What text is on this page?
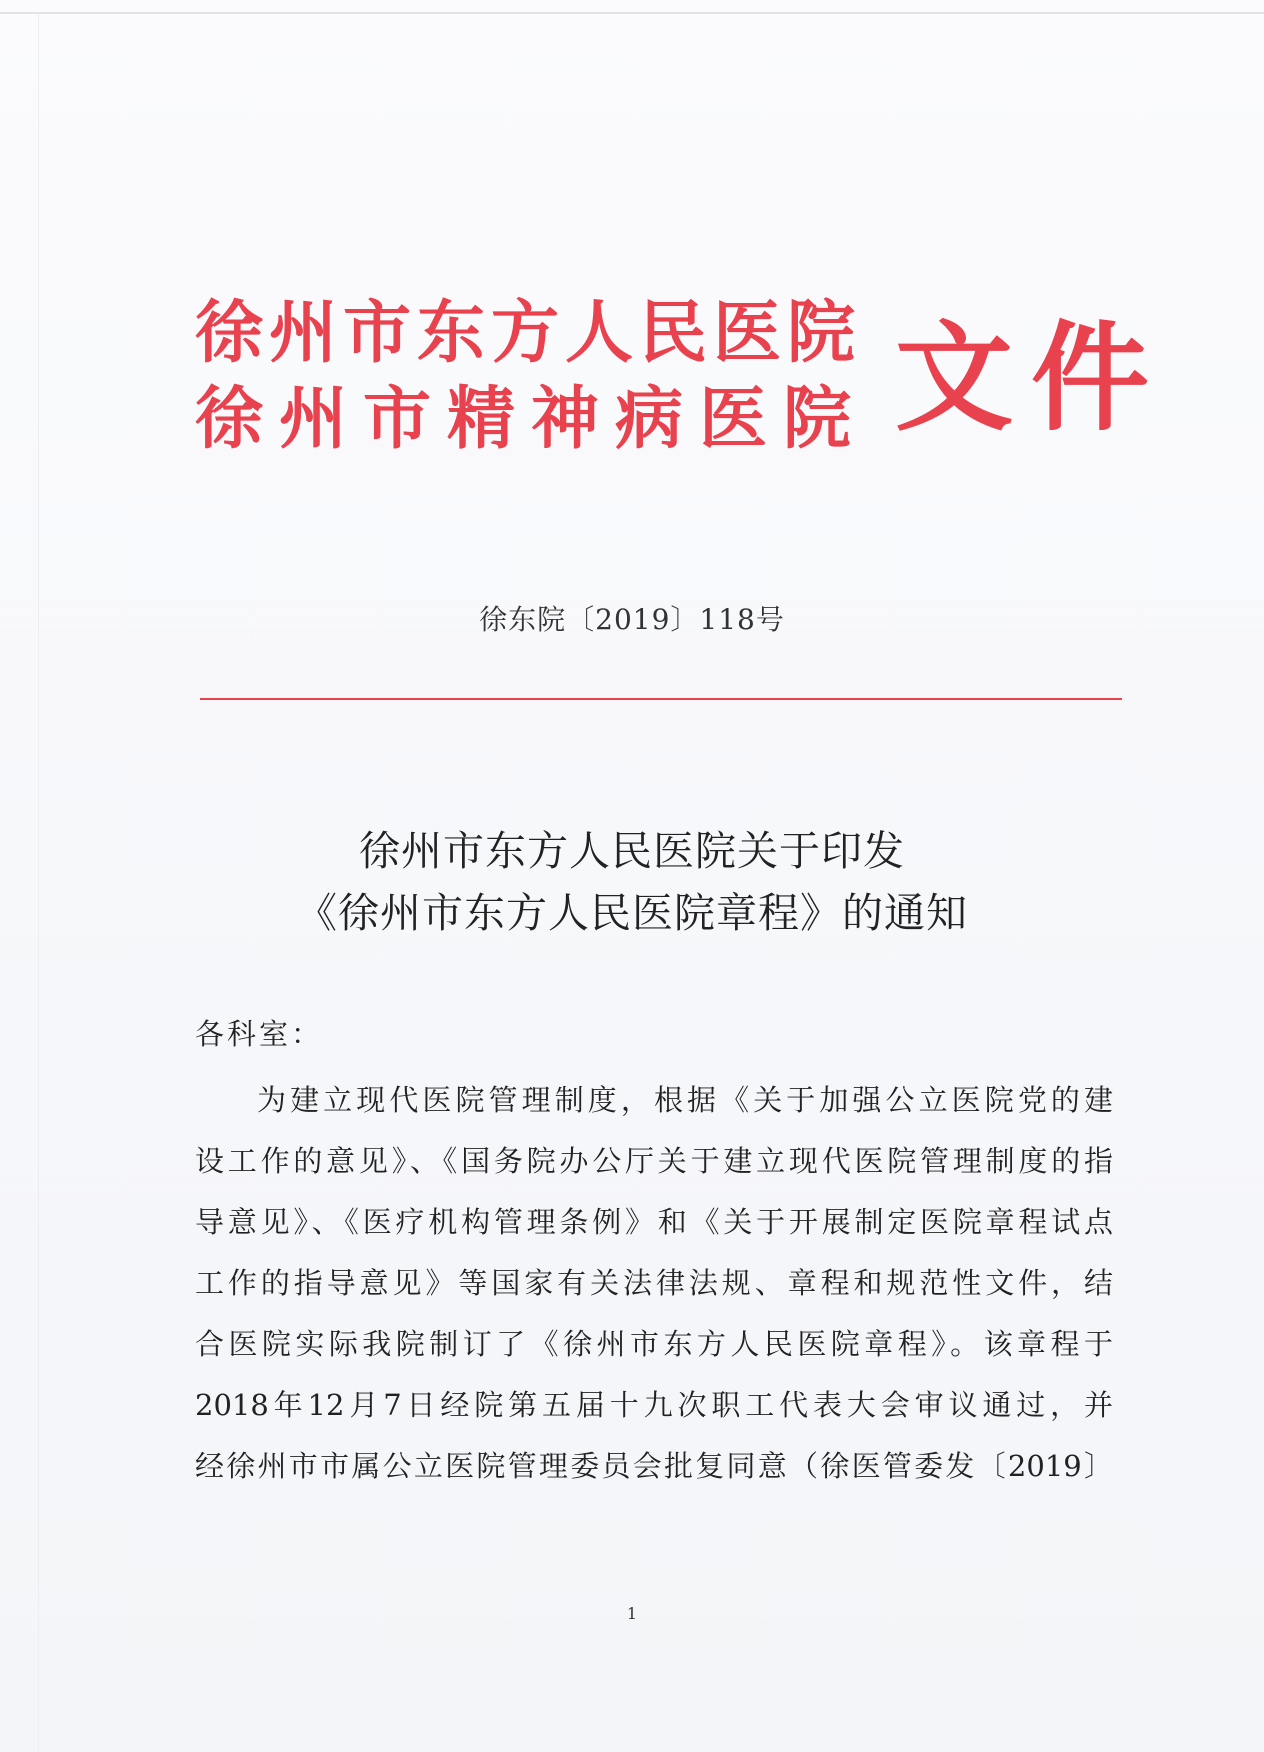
徐州市东方人民医院
徐州市精神病医院 文件
徐东院〔2019〕118号
徐州市东方人民医院关于印发
《徐州市东方人民医院章程》的通知
各科室：
为建立现代医院管理制度，根据《关于加强公立医院党的建
设工作的意见》、《国务院办公厅关于建立现代医院管理制度的指
导意见》、《医疗机构管理条例》和《关于开展制定医院章程试点
工作的指导意见》等国家有关法律法规、章程和规范性文件，结
合医院实际我院制订了《徐州市东方人民医院章程》。该章程于
2018年12月7日经院第五届十九次职工代表大会审议通过，并
经徐州市市属公立医院管理委员会批复同意（徐医管委发〔2019〕
1
